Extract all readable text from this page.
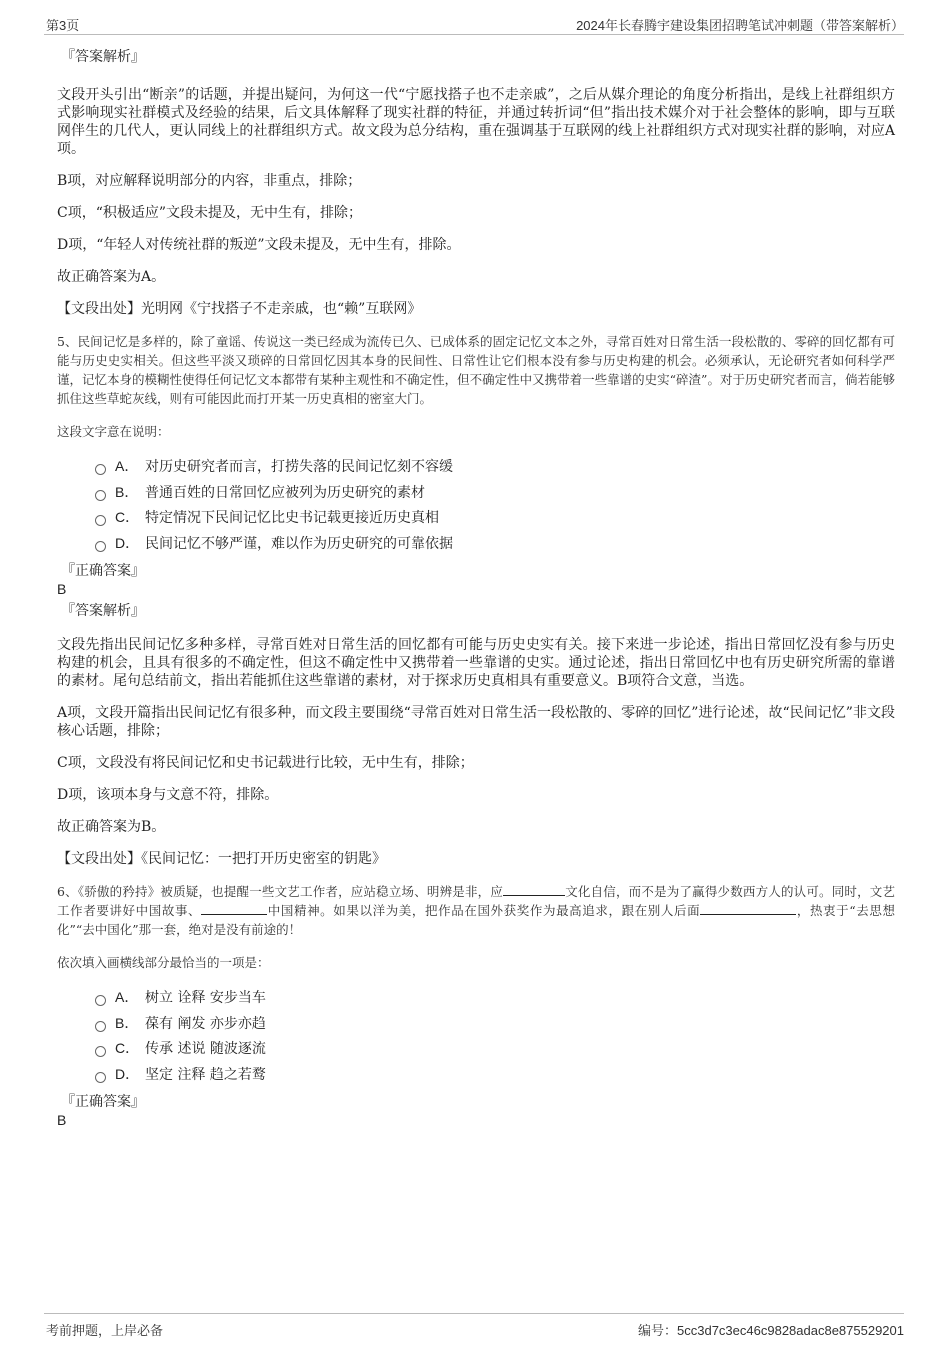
第3页	2024年长春腾宇建设集团招聘笔试冲刺题（带答案解析）
『答案解析』

文段开头引出“断亲”的话题，并提出疑问，为何这一代“宁愿找搭子也不走亲戚”，之后从媒介理论的角度分析指出，是线上社群组织方式影响现实社群模式及经验的结果，后文具体解释了现实社群的特征，并通过转折词“但”指出技术媒介对于社会整体的影响，即与互联网伴生的几代人，更认同线上的社群组织方式。故文段为总分结构，重在强调基于互联网的线上社群组织方式对现实社群的影响，对应A项。

B项，对应解释说明部分的内容，非重点，排除；

C项，“积极适应”文段未提及，无中生有，排除；

D项，“年轻人对传统社群的叛逆”文段未提及，无中生有，排除。

故正确答案为A。

【文段出处】光明网《宁找搭子不走亲戚，也“赖”互联网》

5、民间记忆是多样的，除了童谣、传说这一类已经成为流传已久、已成体系的固定记忆文本之外，寻常百姓对日常生活一段松散的、零碎的回忆都有可能与历史史实相关。但这些平淡又琐碎的日常回忆因其本身的民间性、日常性让它们根本没有参与历史构建的机会。必须承认，无论研究者如何科学严谨，记忆本身的模糊性使得任何记忆文本都带有某种主观性和不确定性，但不确定性中又携带着一些靠谱的史实“碎渣”。对于历史研究者而言，倘若能够抓住这些草蛇灰线，则有可能因此而打开某一历史真相的密室大门。

这段文字意在说明：

A． 对历史研究者而言，打捞失落的民间记忆刻不容缓
B． 普通百姓的日常回忆应被列为历史研究的素材
C． 特定情况下民间记忆比史书记载更接近历史真相
D． 民间记忆不够严谨，难以作为历史研究的可靠依据
『正确答案』
B
『答案解析』

文段先指出民间记忆多种多样，寻常百姓对日常生活的回忆都有可能与历史史实有关。接下来进一步论述，指出日常回忆没有参与历史构建的机会，且具有很多的不确定性，但这不确定性中又携带着一些靠谱的史实。通过论述，指出日常回忆中也有历史研究所需的靠谱的素材。尾句总结前文，指出若能抓住这些靠谱的素材，对于探求历史真相具有重要意义。B项符合文意，当选。

A项，文段开篇指出民间记忆有很多种，而文段主要围绕“寻常百姓对日常生活一段松散的、零碎的回忆”进行论述，故“民间记忆”非文段核心话题，排除；

C项，文段没有将民间记忆和史书记载进行比较，无中生有，排除；

D项，该项本身与文意不符，排除。

故正确答案为B。

【文段出处】《民间记忆：一把打开历史密室的钥匙》

6、《骄傲的矜持》被质疑，也提醒一些文艺工作者，应站稳立场、明辨是非，应	文化自信，而不是为了赢得少数西方人的认可。同时，文艺工作者要讲好中国故事、	中国精神。如果以洋为美，把作品在国外获奖作为最高追求，跟在别人后面	，热衷于“去思想化”“去中国化”那一套，绝对是没有前途的！

依次填入画横线部分最恰当的一项是：

A． 树立 诠释 安步当车
B． 葆有 阐发 亦步亦趋
C． 传承 述说 随波逐流
D． 坚定 注释 趋之若鹜
『正确答案』
B
考前押题，上岸必备	编号：5cc3d7c3ec46c9828adac8e875529201
